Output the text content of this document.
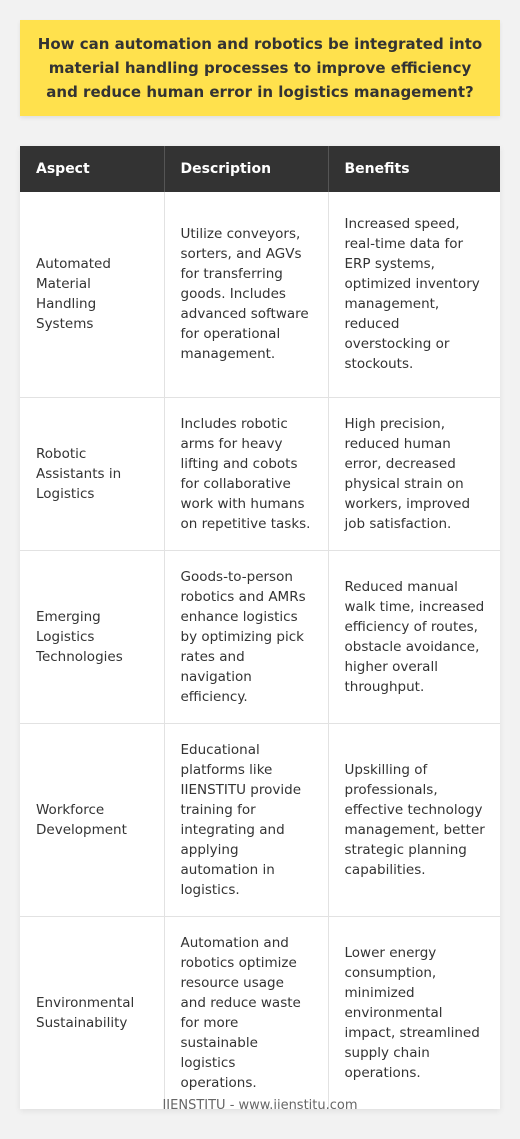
How can automation and robotics be integrated into material handling processes to improve efficiency and reduce human error in logistics management?

Aspect	Description	Benefits
Automated Material Handling Systems	Utilize conveyors, sorters, and AGVs for transferring goods. Includes advanced software for operational management.	Increased speed, real-time data for ERP systems, optimized inventory management, reduced overstocking or stockouts.
Robotic Assistants in Logistics	Includes robotic arms for heavy lifting and cobots for collaborative work with humans on repetitive tasks.	High precision, reduced human error, decreased physical strain on workers, improved job satisfaction.
Emerging Logistics Technologies	Goods-to-person robotics and AMRs enhance logistics by optimizing pick rates and navigation efficiency.	Reduced manual walk time, increased efficiency of routes, obstacle avoidance, higher overall throughput.
Workforce Development	Educational platforms like IIENSTITU provide training for integrating and applying automation in logistics.	Upskilling of professionals, effective technology management, better strategic planning capabilities.
Environmental Sustainability	Automation and robotics optimize resource usage and reduce waste for more sustainable logistics operations.	Lower energy consumption, minimized environmental impact, streamlined supply chain operations.
IIENSTITU - www.iienstitu.com
